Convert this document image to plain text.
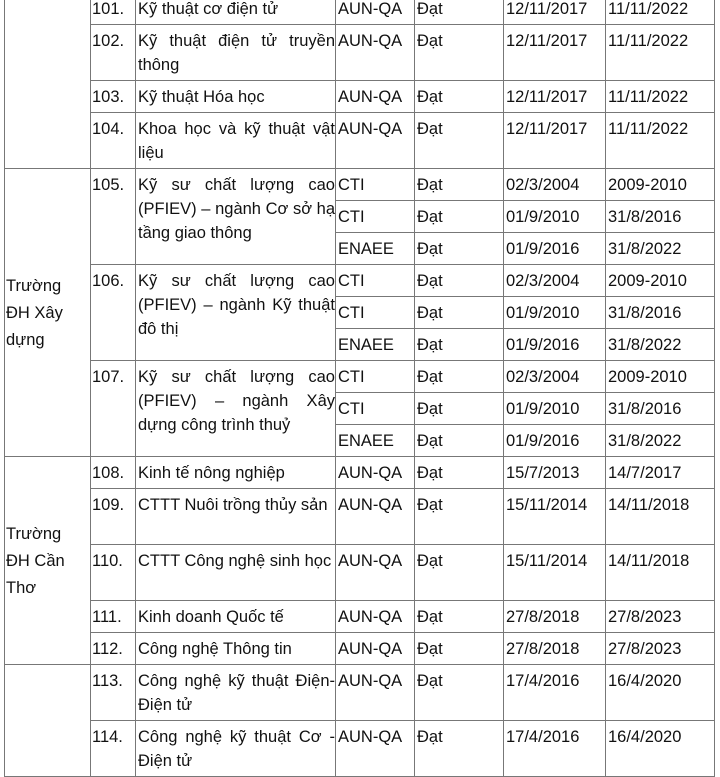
	101.	Kỹ thuật cơ điện tử	AUN-QA	Đạt	12/11/2017	11/11/2022
	102.	Kỹ thuật điện tử truyền thông	AUN-QA	Đạt	12/11/2017	11/11/2022
	103.	Kỹ thuật Hóa học	AUN-QA	Đạt	12/11/2017	11/11/2022
	104.	Khoa học và kỹ thuật vật liệu	AUN-QA	Đạt	12/11/2017	11/11/2022
Trường ĐH Xây dựng	105.	Kỹ sư chất lượng cao (PFIEV) – ngành Cơ sở hạ tầng giao thông	CTI	Đạt	02/3/2004	2009-2010
			CTI	Đạt	01/9/2010	31/8/2016
			ENAEE	Đạt	01/9/2016	31/8/2022
	106.	Kỹ sư chất lượng cao (PFIEV) – ngành Kỹ thuật đô thị	CTI	Đạt	02/3/2004	2009-2010
			CTI	Đạt	01/9/2010	31/8/2016
			ENAEE	Đạt	01/9/2016	31/8/2022
	107.	Kỹ sư chất lượng cao (PFIEV) – ngành Xây dựng công trình thuỷ	CTI	Đạt	02/3/2004	2009-2010
			CTI	Đạt	01/9/2010	31/8/2016
			ENAEE	Đạt	01/9/2016	31/8/2022
Trường ĐH Cần Thơ	108.	Kinh tế nông nghiệp	AUN-QA	Đạt	15/7/2013	14/7/2017
	109.	CTTT Nuôi trồng thủy sản	AUN-QA	Đạt	15/11/2014	14/11/2018
	110.	CTTT Công nghệ sinh học	AUN-QA	Đạt	15/11/2014	14/11/2018
	111.	Kinh doanh Quốc tế	AUN-QA	Đạt	27/8/2018	27/8/2023
	112.	Công nghệ Thông tin	AUN-QA	Đạt	27/8/2018	27/8/2023
	113.	Công nghệ kỹ thuật Điện- Điện tử	AUN-QA	Đạt	17/4/2016	16/4/2020
	114.	Công nghệ kỹ thuật Cơ - Điện tử	AUN-QA	Đạt	17/4/2016	16/4/2020
